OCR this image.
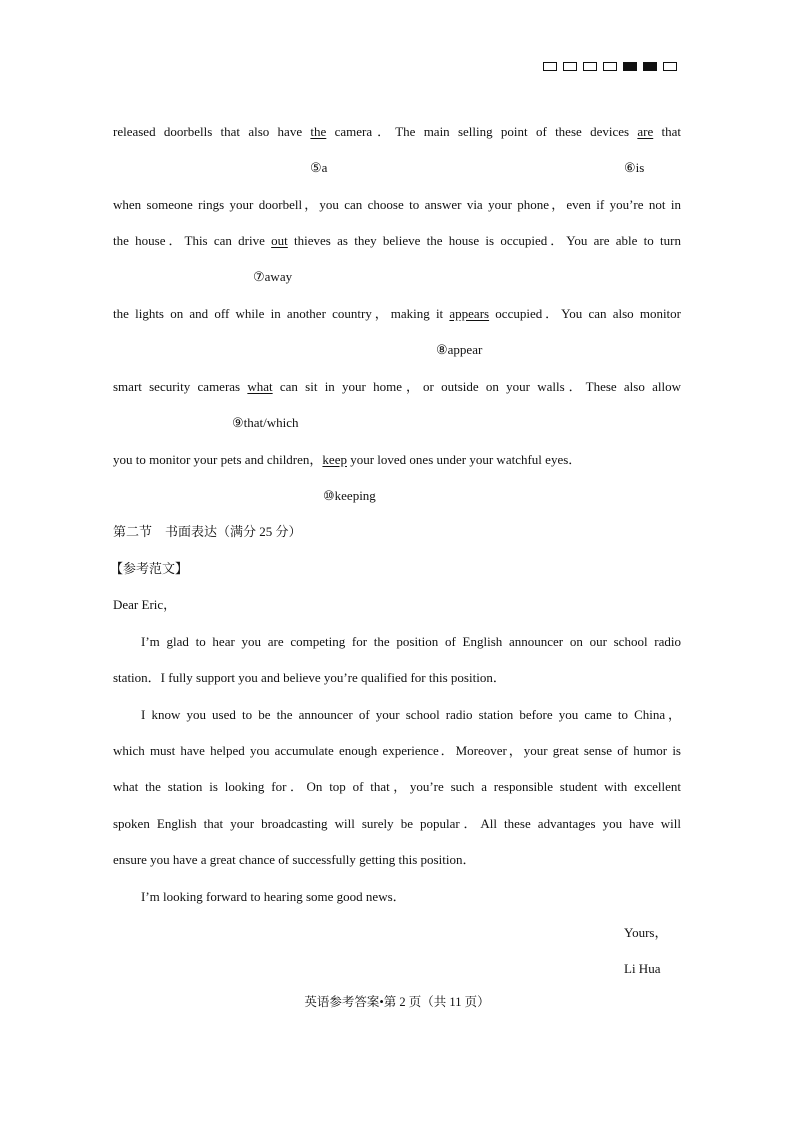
released doorbells that also have the camera．The main selling point of these devices are that
⑤a	⑥is
when someone rings your doorbell，you can choose to answer via your phone，even if you’re not in
the house．This can drive out thieves as they believe the house is occupied．You are able to turn
⑦away
the lights on and off while in another country，making it appears occupied．You can also monitor
⑧appear
smart security cameras what can sit in your home，or outside on your walls．These also allow
⑨that/which
you to monitor your pets and children，keep your loved ones under your watchful eyes．
⑩keeping
第二节　书面表达（满分 25 分）
【参考范文】
Dear Eric，
I’m glad to hear you are competing for the position of English announcer on our school radio
station．I fully support you and believe you’re qualified for this position．
I know you used to be the announcer of your school radio station before you came to China，
which must have helped you accumulate enough experience．Moreover，your great sense of humor is
what the station is looking for．On top of that，you’re such a responsible student with excellent
spoken English that your broadcasting will surely be popular．All these advantages you have will
ensure you have a great chance of successfully getting this position．
I’m looking forward to hearing some good news．
Yours，
Li Hua
英语参考答案•第 2 页（共 11 页）
